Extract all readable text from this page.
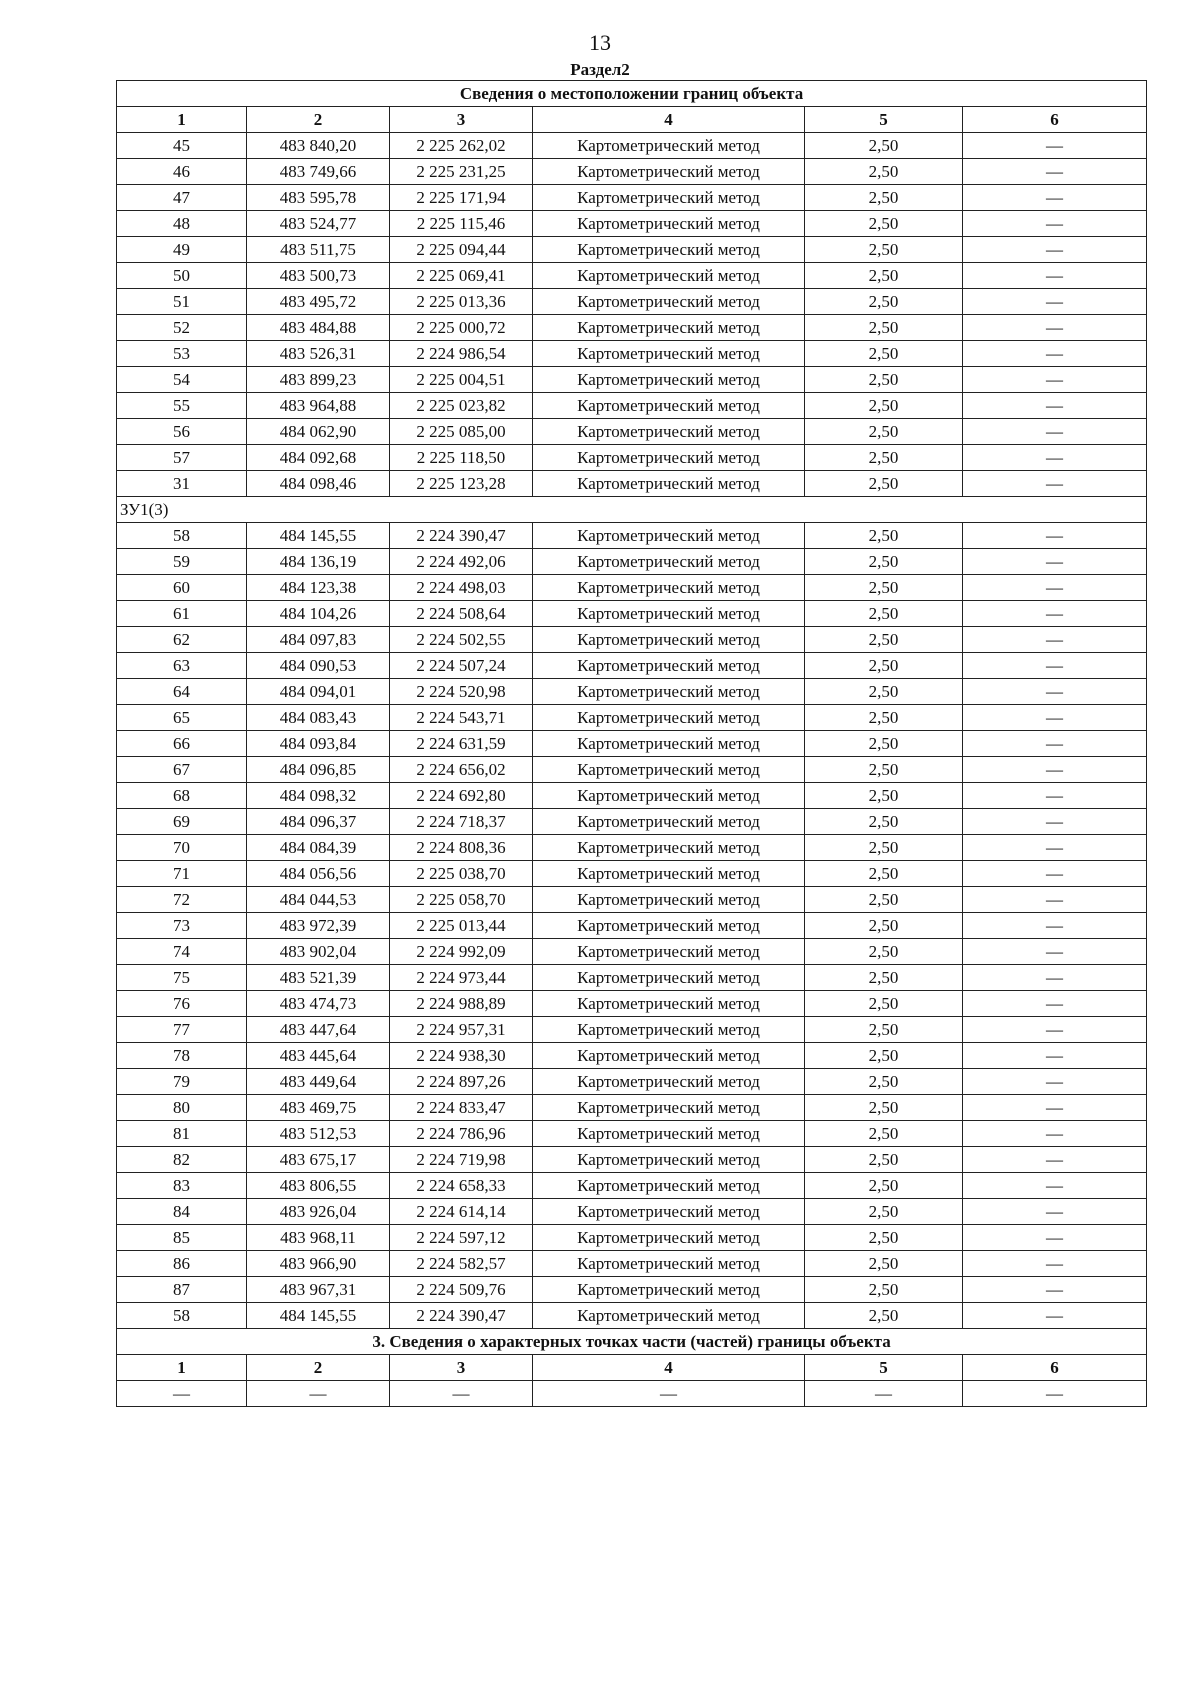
13
Раздел2
Сведения о местоположении границ объекта					
1	2	3	4	5	6
45	483 840,20	2 225 262,02	Картометрический метод	2,50	—
46	483 749,66	2 225 231,25	Картометрический метод	2,50	—
47	483 595,78	2 225 171,94	Картометрический метод	2,50	—
48	483 524,77	2 225 115,46	Картометрический метод	2,50	—
49	483 511,75	2 225 094,44	Картометрический метод	2,50	—
50	483 500,73	2 225 069,41	Картометрический метод	2,50	—
51	483 495,72	2 225 013,36	Картометрический метод	2,50	—
52	483 484,88	2 225 000,72	Картометрический метод	2,50	—
53	483 526,31	2 224 986,54	Картометрический метод	2,50	—
54	483 899,23	2 225 004,51	Картометрический метод	2,50	—
55	483 964,88	2 225 023,82	Картометрический метод	2,50	—
56	484 062,90	2 225 085,00	Картометрический метод	2,50	—
57	484 092,68	2 225 118,50	Картометрический метод	2,50	—
31	484 098,46	2 225 123,28	Картометрический метод	2,50	—
ЗУ1(3)					
58	484 145,55	2 224 390,47	Картометрический метод	2,50	—
59	484 136,19	2 224 492,06	Картометрический метод	2,50	—
60	484 123,38	2 224 498,03	Картометрический метод	2,50	—
61	484 104,26	2 224 508,64	Картометрический метод	2,50	—
62	484 097,83	2 224 502,55	Картометрический метод	2,50	—
63	484 090,53	2 224 507,24	Картометрический метод	2,50	—
64	484 094,01	2 224 520,98	Картометрический метод	2,50	—
65	484 083,43	2 224 543,71	Картометрический метод	2,50	—
66	484 093,84	2 224 631,59	Картометрический метод	2,50	—
67	484 096,85	2 224 656,02	Картометрический метод	2,50	—
68	484 098,32	2 224 692,80	Картометрический метод	2,50	—
69	484 096,37	2 224 718,37	Картометрический метод	2,50	—
70	484 084,39	2 224 808,36	Картометрический метод	2,50	—
71	484 056,56	2 225 038,70	Картометрический метод	2,50	—
72	484 044,53	2 225 058,70	Картометрический метод	2,50	—
73	483 972,39	2 225 013,44	Картометрический метод	2,50	—
74	483 902,04	2 224 992,09	Картометрический метод	2,50	—
75	483 521,39	2 224 973,44	Картометрический метод	2,50	—
76	483 474,73	2 224 988,89	Картометрический метод	2,50	—
77	483 447,64	2 224 957,31	Картометрический метод	2,50	—
78	483 445,64	2 224 938,30	Картометрический метод	2,50	—
79	483 449,64	2 224 897,26	Картометрический метод	2,50	—
80	483 469,75	2 224 833,47	Картометрический метод	2,50	—
81	483 512,53	2 224 786,96	Картометрический метод	2,50	—
82	483 675,17	2 224 719,98	Картометрический метод	2,50	—
83	483 806,55	2 224 658,33	Картометрический метод	2,50	—
84	483 926,04	2 224 614,14	Картометрический метод	2,50	—
85	483 968,11	2 224 597,12	Картометрический метод	2,50	—
86	483 966,90	2 224 582,57	Картометрический метод	2,50	—
87	483 967,31	2 224 509,76	Картометрический метод	2,50	—
58	484 145,55	2 224 390,47	Картометрический метод	2,50	—
3. Сведения о характерных точках части (частей) границы объекта					
1	2	3	4	5	6
—	—	—	—	—	—
